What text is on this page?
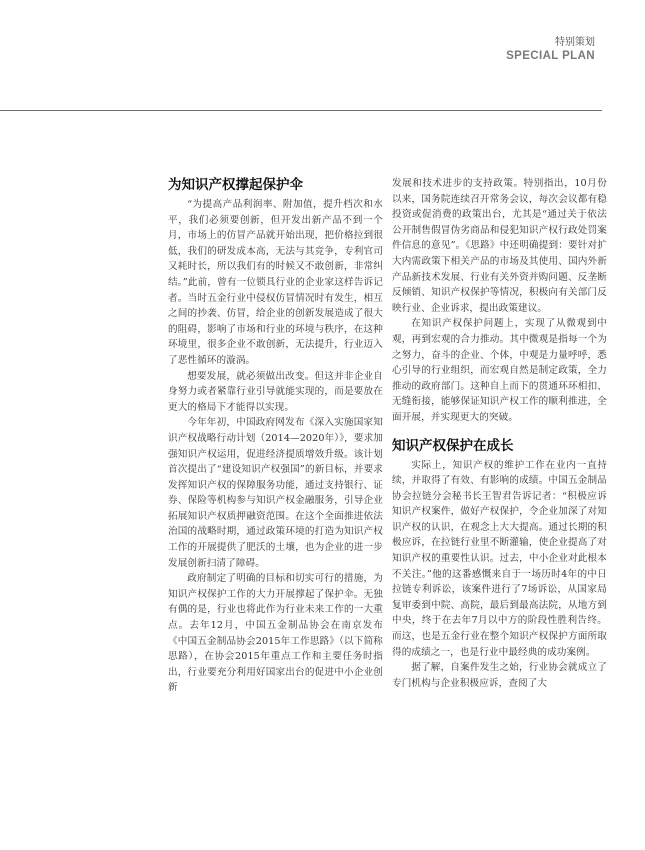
特别策划
SPECIAL PLAN
为知识产权撑起保护伞

“为提高产品利润率、附加值，提升档次和水平，我们必须要创新，但开发出新产品不到一个月，市场上的仿冒产品就开始出现，把价格拉到很低，我们的研发成本高，无法与其竞争，专利官司又耗时长，所以我们有的时候又不敢创新，非常纠结。”此前，曾有一位锁具行业的企业家这样告诉记者。当时五金行业中侵权仿冒情况时有发生，相互之间的抄袭、仿冒，给企业的创新发展造成了很大的阻碍，影响了市场和行业的环境与秩序，在这种环境里，很多企业不敢创新，无法提升，行业迈入了恶性循环的漩涡。

想要发展，就必须做出改变。但这并非企业自身努力或者紧靠行业引导就能实现的，而是要放在更大的格局下才能得以实现。

今年年初，中国政府网发布《深入实施国家知识产权战略行动计划（2014—2020年）》，要求加强知识产权运用，促进经济提质增效升级。该计划首次提出了“建设知识产权强国”的新目标，并要求发挥知识产权的保障服务功能，通过支持银行、证券、保险等机构参与知识产权金融服务，引导企业拓展知识产权质押融资范围。在这个全面推进依法治国的战略时期，通过政策环境的打造为知识产权工作的开展提供了肥沃的土壤，也为企业的进一步发展创新扫清了障碍。

政府制定了明确的目标和切实可行的措施，为知识产权保护工作的大力开展撑起了保护伞。无独有偶的是，行业也将此作为行业未来工作的一大重点。去年12月，中国五金制品协会在南京发布《中国五金制品协会2015年工作思路》（以下简称思路），在协会2015年重点工作和主要任务时指出，行业要充分利用好国家出台的促进中小企业创新

发展和技术进步的支持政策。特别指出，10月份以来，国务院连续召开常务会议，每次会议都有稳投资或促消费的政策出台，尤其是“通过关于依法公开制售假冒伪劣商品和侵犯知识产权行政处罚案件信息的意见”。《思路》中还明确提到：要针对扩大内需政策下相关产品的市场及其使用、国内外新产品新技术发展、行业有关外资并购问题、反垄断反倾销、知识产权保护等情况，积极向有关部门反映行业、企业诉求，提出政策建议。

在知识产权保护问题上，实现了从微观到中观，再到宏观的合力推动。其中微观是指每一个为之努力，奋斗的企业、个体，中观是力量呼呼，悉心引导的行业组织，而宏观自然是制定政策，全力推动的政府部门。这种自上而下的贯通环环相扣、无缝衔接，能够保证知识产权工作的顺利推进，全面开展，并实现更大的突破。

知识产权保护在成长

实际上，知识产权的维护工作在业内一直持续，并取得了有效、有影响的成绩。中国五金制品协会拉链分会秘书长王智君告诉记者：“积极应诉知识产权案件，做好产权保护，令企业加深了对知识产权的认识，在观念上大大提高。通过长期的积极应诉，在拉链行业里不断灌输，使企业提高了对知识产权的重要性认识。过去，中小企业对此根本不关注。”他的这番感慨来自于一场历时4年的中日拉链专利诉讼，该案件进行了7场诉讼，从国家局复审委到中院、高院，最后到最高法院，从地方到中央，终于在去年7月以中方的阶段性胜利告终。而这，也是五金行业在整个知识产权保护方面所取得的成绩之一，也是行业中最经典的成功案例。

据了解，自案件发生之始，行业协会就成立了专门机构与企业积极应诉，查阅了大
